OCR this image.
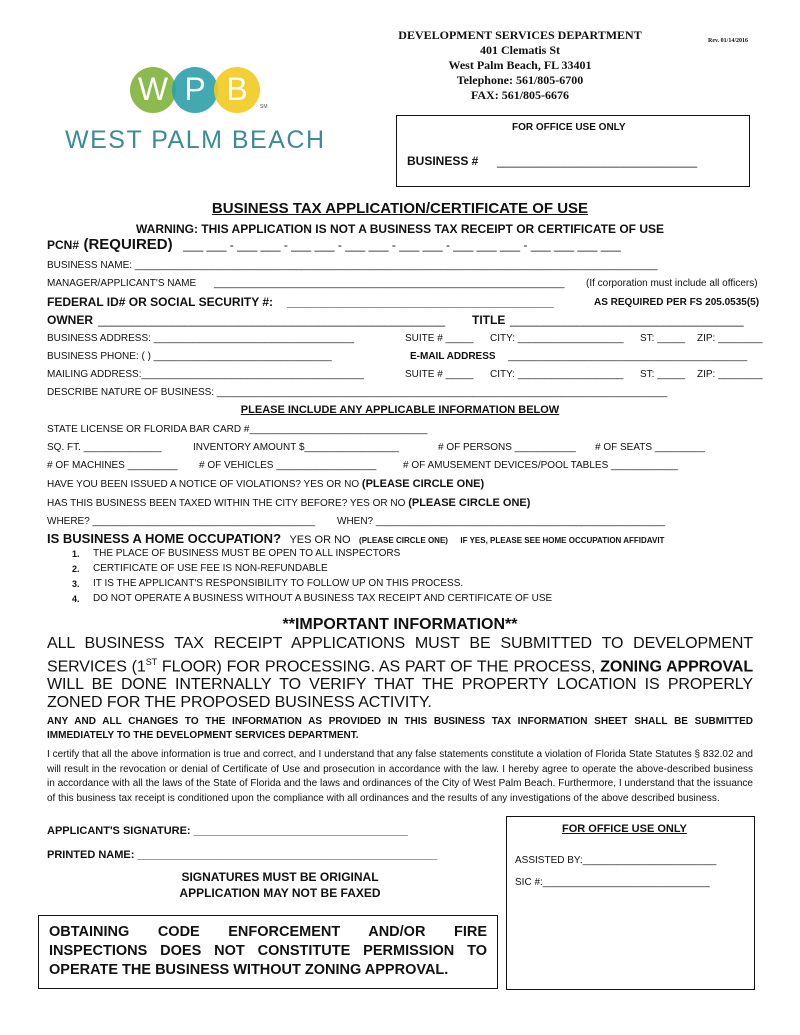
W P B	SM
WEST PALM BEACH
DEVELOPMENT SERVICES DEPARTMENT
401 Clematis St
West Palm Beach, FL 33401
Telephone: 561/805-6700
FAX: 561/805-6676
Rev. 01/14/2016
FOR OFFICE USE ONLY
BUSINESS # ______________________________
BUSINESS TAX APPLICATION/CERTIFICATE OF USE
WARNING: THIS APPLICATION IS NOT A BUSINESS TAX RECEIPT OR CERTIFICATE OF USE
PCN# (REQUIRED) ___ ___ - ___ ___ - ___ ___ - ___ ___ - ___ ___ - ___ ___ ___ - ___ ___ ___ ___
BUSINESS NAME: ______________________________________________________________________________________________
MANAGER/APPLICANT'S NAME _______________________________________________________________ (If corporation must include all officers)
FEDERAL ID# OR SOCIAL SECURITY #: ________________________________________	AS REQUIRED PER FS 205.0535(5)
OWNER ____________________________________________________ TITLE ___________________________________
BUSINESS ADDRESS: ____________________________________	SUITE # _____ CITY: ___________________ ST: _____ ZIP: ________
BUSINESS PHONE: ( ) ________________________________	E-MAIL ADDRESS ___________________________________________
MAILING ADDRESS:________________________________________	SUITE # _____ CITY: ___________________ ST: _____ ZIP: ________
DESCRIBE NATURE OF BUSINESS: _________________________________________________________________________________
PLEASE INCLUDE ANY APPLICABLE INFORMATION BELOW
STATE LICENSE OR FLORIDA BAR CARD #________________________________
SQ. FT. ______________	INVENTORY AMOUNT $_________________	# OF PERSONS ___________ # OF SEATS _________
# OF MACHINES _________ # OF VEHICLES __________________	# OF AMUSEMENT DEVICES/POOL TABLES ____________
HAVE YOU BEEN ISSUED A NOTICE OF VIOLATIONS? YES OR NO (PLEASE CIRCLE ONE)
HAS THIS BUSINESS BEEN TAXED WITHIN THE CITY BEFORE? YES OR NO (PLEASE CIRCLE ONE)
WHERE? ________________________________________ WHEN? ____________________________________________________
IS BUSINESS A HOME OCCUPATION? YES OR NO (PLEASE CIRCLE ONE) IF YES, PLEASE SEE HOME OCCUPATION AFFIDAVIT
1. THE PLACE OF BUSINESS MUST BE OPEN TO ALL INSPECTORS
2. CERTIFICATE OF USE FEE IS NON-REFUNDABLE
3. IT IS THE APPLICANT'S RESPONSIBILITY TO FOLLOW UP ON THIS PROCESS.
4. DO NOT OPERATE A BUSINESS WITHOUT A BUSINESS TAX RECEIPT AND CERTIFICATE OF USE
**IMPORTANT INFORMATION**
ALL BUSINESS TAX RECEIPT APPLICATIONS MUST BE SUBMITTED TO DEVELOPMENT SERVICES (1ST FLOOR) FOR PROCESSING. AS PART OF THE PROCESS, ZONING APPROVAL WILL BE DONE INTERNALLY TO VERIFY THAT THE PROPERTY LOCATION IS PROPERLY ZONED FOR THE PROPOSED BUSINESS ACTIVITY.
ANY AND ALL CHANGES TO THE INFORMATION AS PROVIDED IN THIS BUSINESS TAX INFORMATION SHEET SHALL BE SUBMITTED IMMEDIATELY TO THE DEVELOPMENT SERVICES DEPARTMENT.
I certify that all the above information is true and correct, and I understand that any false statements constitute a violation of Florida State Statutes § 832.02 and will result in the revocation or denial of Certificate of Use and prosecution in accordance with the law. I hereby agree to operate the above-described business in accordance with all the laws of the State of Florida and the laws and ordinances of the City of West Palm Beach. Furthermore, I understand that the issuance of this business tax receipt is conditioned upon the compliance with all ordinances and the results of any investigations of the above described business.
APPLICANT'S SIGNATURE: ___________________________________
PRINTED NAME: _________________________________________________
SIGNATURES MUST BE ORIGINAL
APPLICATION MAY NOT BE FAXED
FOR OFFICE USE ONLY
ASSISTED BY:________________________
SIC #:______________________________
OBTAINING CODE ENFORCEMENT AND/OR FIRE INSPECTIONS DOES NOT CONSTITUTE PERMISSION TO OPERATE THE BUSINESS WITHOUT ZONING APPROVAL.
